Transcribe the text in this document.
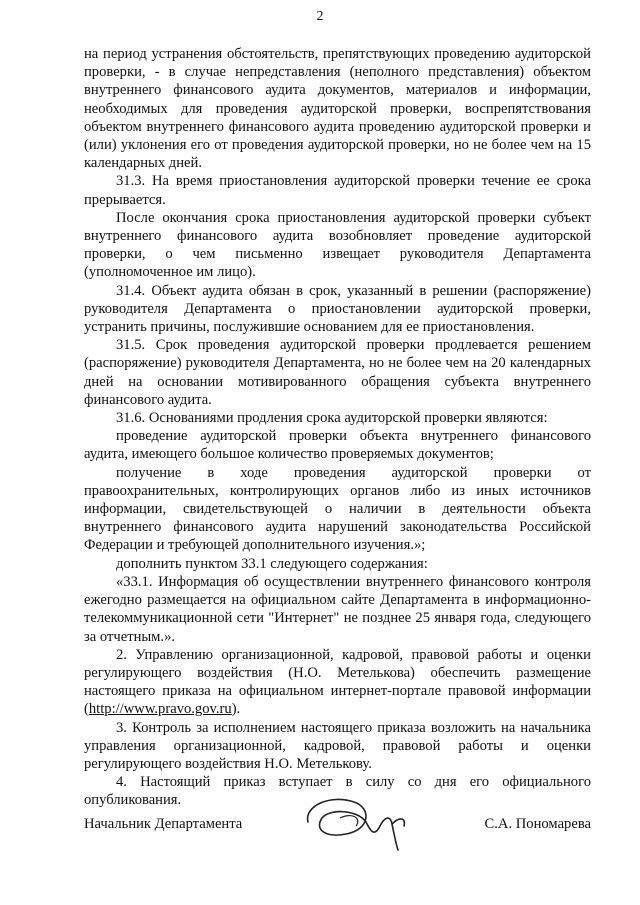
2

на период устранения обстоятельств, препятствующих проведению аудиторской проверки, - в случае непредставления (неполного представления) объектом внутреннего финансового аудита документов, материалов и информации, необходимых для проведения аудиторской проверки, воспрепятствования объектом внутреннего финансового аудита проведению аудиторской проверки и (или) уклонения его от проведения аудиторской проверки, но не более чем на 15 календарных дней.

31.3. На время приостановления аудиторской проверки течение ее срока прерывается.

После окончания срока приостановления аудиторской проверки субъект внутреннего финансового аудита возобновляет проведение аудиторской проверки, о чем письменно извещает руководителя Департамента (уполномоченное им лицо).

31.4. Объект аудита обязан в срок, указанный в решении (распоряжение) руководителя Департамента о приостановлении аудиторской проверки, устранить причины, послужившие основанием для ее приостановления.

31.5. Срок проведения аудиторской проверки продлевается решением (распоряжение) руководителя Департамента, но не более чем на 20 календарных дней на основании мотивированного обращения субъекта внутреннего финансового аудита.

31.6. Основаниями продления срока аудиторской проверки являются:

проведение аудиторской проверки объекта внутреннего финансового аудита, имеющего большое количество проверяемых документов;

получение в ходе проведения аудиторской проверки от правоохранительных, контролирующих органов либо из иных источников информации, свидетельствующей о наличии в деятельности объекта внутреннего финансового аудита нарушений законодательства Российской Федерации и требующей дополнительного изучения.»;

дополнить пунктом 33.1 следующего содержания:

«33.1. Информация об осуществлении внутреннего финансового контроля ежегодно размещается на официальном сайте Департамента в информационно-телекоммуникационной сети "Интернет" не позднее 25 января года, следующего за отчетным.».

2. Управлению организационной, кадровой, правовой работы и оценки регулирующего воздействия (Н.О. Метелькова) обеспечить размещение настоящего приказа на официальном интернет-портале правовой информации (http://www.pravo.gov.ru).

3. Контроль за исполнением настоящего приказа возложить на начальника управления организационной, кадровой, правовой работы и оценки регулирующего воздействия Н.О. Метелькову.

4. Настоящий приказ вступает в силу со дня его официального опубликования.

Начальник Департамента	С.А. Пономарева
